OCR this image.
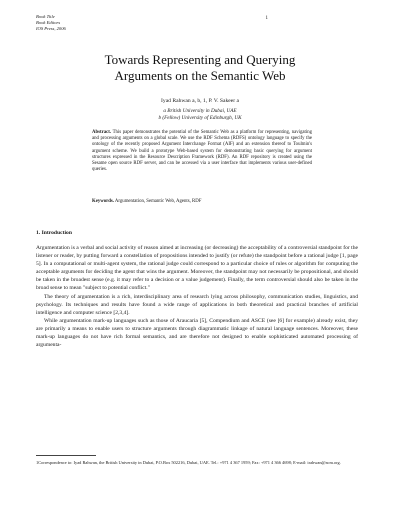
Book Title
Book Editors
IOS Press, 2006
1
Towards Representing and Querying
Arguments on the Semantic Web
Iyad Rahwan a, b, 1, P. V. Sakeer a
a British University in Dubai, UAE
b (Fellow) University of Edinburgh, UK
Abstract. This paper demonstrates the potential of the Semantic Web as a platform for representing, navigating and processing arguments on a global scale. We use the RDF Schema (RDFS) ontology language to specify the ontology of the recently proposed Argument Interchange Format (AIF) and an extension thereof to Toulmin's argument scheme. We build a prototype Web-based system for demonstrating basic querying for argument structures expressed in the Resource Description Framework (RDF). An RDF repository is created using the Sesame open source RDF server, and can be accessed via a user interface that implements various user-defined queries.
Keywords. Argumentation, Semantic Web, Agents, RDF
1. Introduction

Argumentation is a verbal and social activity of reason aimed at increasing (or decreasing) the acceptability of a controversial standpoint for the listener or reader, by putting forward a constellation of propositions intended to justify (or refute) the standpoint before a rational judge [1, page 5]. In a computational or multi-agent system, the rational judge could correspond to a particular choice of rules or algorithm for computing the acceptable arguments for deciding the agent that wins the argument. Moreover, the standpoint may not necessarily be propositional, and should be taken in the broadest sense (e.g. it may refer to a decision or a value judgement). Finally, the term controversial should also be taken in the broad sense to mean "subject to potential conflict."

The theory of argumentation is a rich, interdisciplinary area of research lying across philosophy, communication studies, linguistics, and psychology. Its techniques and results have found a wide range of applications in both theoretical and practical branches of artificial intelligence and computer science [2,3,4].

While argumentation mark-up languages such as those of Araucaria [5], Compendium and ASCE (see [6] for example) already exist, they are primarily a means to enable users to structure arguments through diagrammatic linkage of natural language sentences. Moreover, these mark-up languages do not have rich formal semantics, and are therefore not designed to enable sophisticated automated processing of argumenta-

1Correspondence to: Iyad Rahwan, the British University in Dubai, P.O.Box 502216, Dubai, UAE. Tel.: +971 4 367 1959; Fax: +971 4 366 4698; E-mail: irahwan@acm.org.
